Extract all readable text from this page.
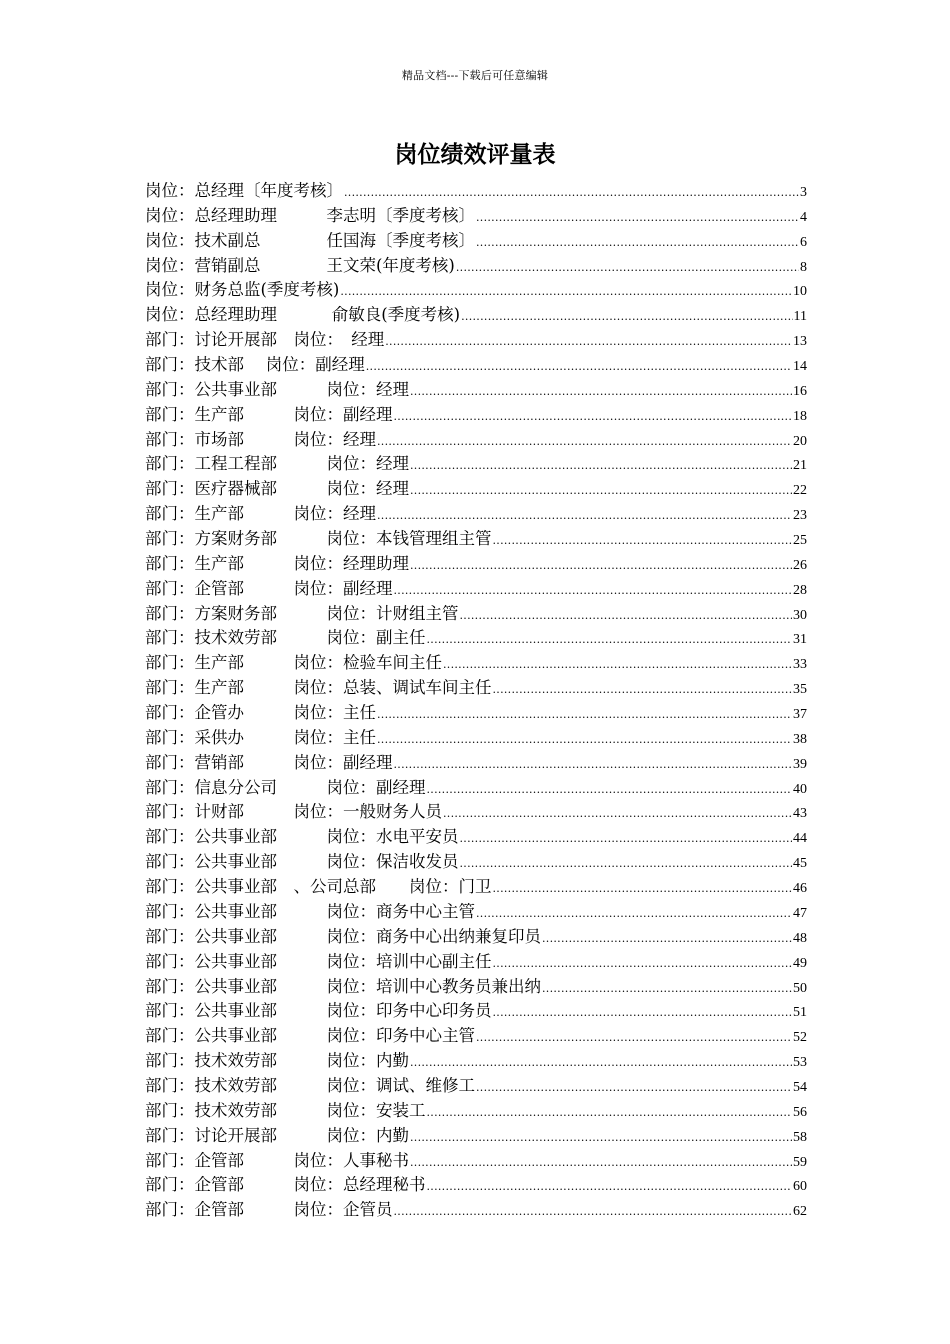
精品文档---下载后可任意编辑
岗位绩效评量表
岗位：总经理〔年度考核〕 .....	3
岗位：总经理助理　　　李志明〔季度考核〕 .....	4
岗位：技术副总　　　　任国海〔季度考核〕 .....	6
岗位：营销副总　　　　王文荣(年度考核) .....	8
岗位：财务总监(季度考核) .....	10
岗位：总经理助理　　　 俞敏良(季度考核) .....	11
部门：讨论开展部　岗位：　经理 .....	13
部门：技术部　 岗位：副经理 .....	14
部门：公共事业部　　　岗位：经理 .....	16
部门：生产部　　　岗位：副经理 .....	18
部门：市场部　　　岗位：经理 .....	20
部门：工程工程部　　　岗位：经理 .....	21
部门：医疗器械部　　　岗位：经理 .....	22
部门：生产部　　　岗位：经理 .....	23
部门：方案财务部　　　岗位：本钱管理组主管 .....	25
部门：生产部　　　岗位：经理助理 .....	26
部门：企管部　　　岗位：副经理 .....	28
部门：方案财务部　　　岗位：计财组主管 .....	30
部门：技术效劳部　　　岗位：副主任 .....	31
部门：生产部　　　岗位：检验车间主任 .....	33
部门：生产部　　　岗位：总装、调试车间主任 .....	35
部门：企管办　　　岗位：主任 .....	37
部门：采供办　　　岗位：主任 .....	38
部门：营销部　　　岗位：副经理 .....	39
部门：信息分公司　　　岗位：副经理 .....	40
部门：计财部　　　岗位：一般财务人员 .....	43
部门：公共事业部　　　岗位：水电平安员 .....	44
部门：公共事业部　　　岗位：保洁收发员 .....	45
部门：公共事业部　、公司总部　　岗位：门卫 .....	46
部门：公共事业部　　　岗位：商务中心主管 .....	47
部门：公共事业部　　　岗位：商务中心出纳兼复印员 .....	48
部门：公共事业部　　　岗位：培训中心副主任 .....	49
部门：公共事业部　　　岗位：培训中心教务员兼出纳 .....	50
部门：公共事业部　　　岗位：印务中心印务员 .....	51
部门：公共事业部　　　岗位：印务中心主管 .....	52
部门：技术效劳部　　　岗位：内勤 .....	53
部门：技术效劳部　　　岗位：调试、维修工 .....	54
部门：技术效劳部　　　岗位：安装工 .....	56
部门：讨论开展部　　　岗位：内勤 .....	58
部门：企管部　　　岗位：人事秘书 .....	59
部门：企管部　　　岗位：总经理秘书 .....	60
部门：企管部　　　岗位：企管员 .....	62
